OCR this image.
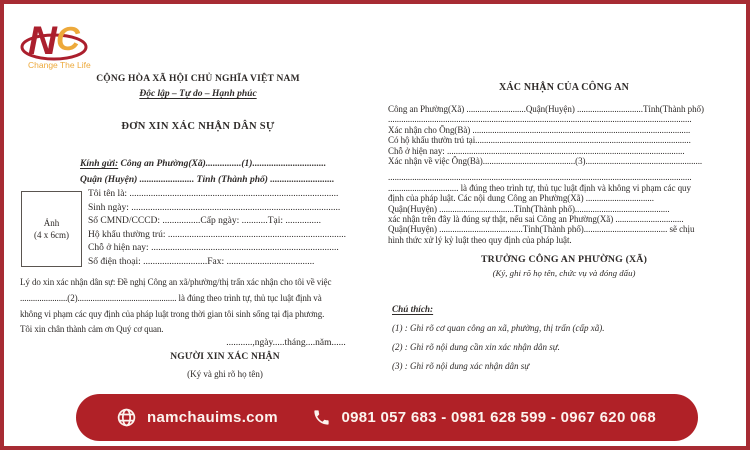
N C
Change The Life
CỘNG HÒA XÃ HỘI CHỦ NGHĨA VIỆT NAM
Độc lập – Tự do – Hạnh phúc
ĐƠN XIN XÁC NHẬN DÂN SỰ
Kính gửi: Công an Phường(Xã)...............(1)...............................
Quận (Huyện) ....................... Tỉnh (Thành phố) ...........................
Ảnh
(4 x 6cm)
Tôi tên là: ........................................................................................
Sinh ngày: ........................................................................................
Số CMND/CCCD: ................Cấp ngày: ...........Tại: ...............
Hộ khẩu thường trú: ...........................................................................
Chỗ ở hiện nay: ...............................................................................
Số điện thoại: ...........................Fax: .....................................
Lý do xin xác nhận dân sự: Đề nghị Công an xã/phường/thị trấn xác nhận cho tôi về việc
......................(2).............................................. là đúng theo trình tự, thủ tục luật định và
không vi phạm các quy định của pháp luật trong thời gian tôi sinh sống tại địa phương.
Tôi xin chân thành cảm ơn Quý cơ quan.
...........,ngày.....tháng....năm......
NGƯỜI XIN XÁC NHẬN
(Ký và ghi rõ họ tên)
XÁC NHẬN CỦA CÔNG AN
Công an Phường(Xã) ...........................Quận(Huyện) ..............................Tỉnh(Thành phố)
..........................................................................................................................................
Xác nhận cho Ông(Bà) ...................................................................................................
Có hộ khẩu thườn trú tại..................................................................................................
Chỗ ở hiện nay: ............................................................................................................
Xác nhận về việc Ông(Bà)..........................................(3).....................................................
..........................................................................................................................................
................................ là đúng theo trình tự, thủ tục luật định và không vi phạm các quy
định của pháp luật. Các nội dung Công an Phường(Xã) ...............................
Quận(Huyện) ..................................Tỉnh(Thành phố)...........................................
xác nhận trên đây là đúng sự thật, nếu sai Công an Phường(Xã) ...............................
Quận(Huyện) ......................................Tỉnh(Thành phố)...................................... sẽ chịu
hình thức xử lý kỷ luật theo quy định của pháp luật.
TRƯỞNG CÔNG AN PHƯỜNG (XÃ)
(Ký, ghi rõ họ tên, chức vụ và đóng dấu)
Chú thích:
(1) : Ghi rõ cơ quan công an xã, phường, thị trấn (cấp xã).
(2) : Ghi rõ nội dung cần xin xác nhận dân sự.
(3) : Ghi rõ nội dung xác nhận dân sự
namchauims.com	0981 057 683 - 0981 628 599 - 0967 620 068
